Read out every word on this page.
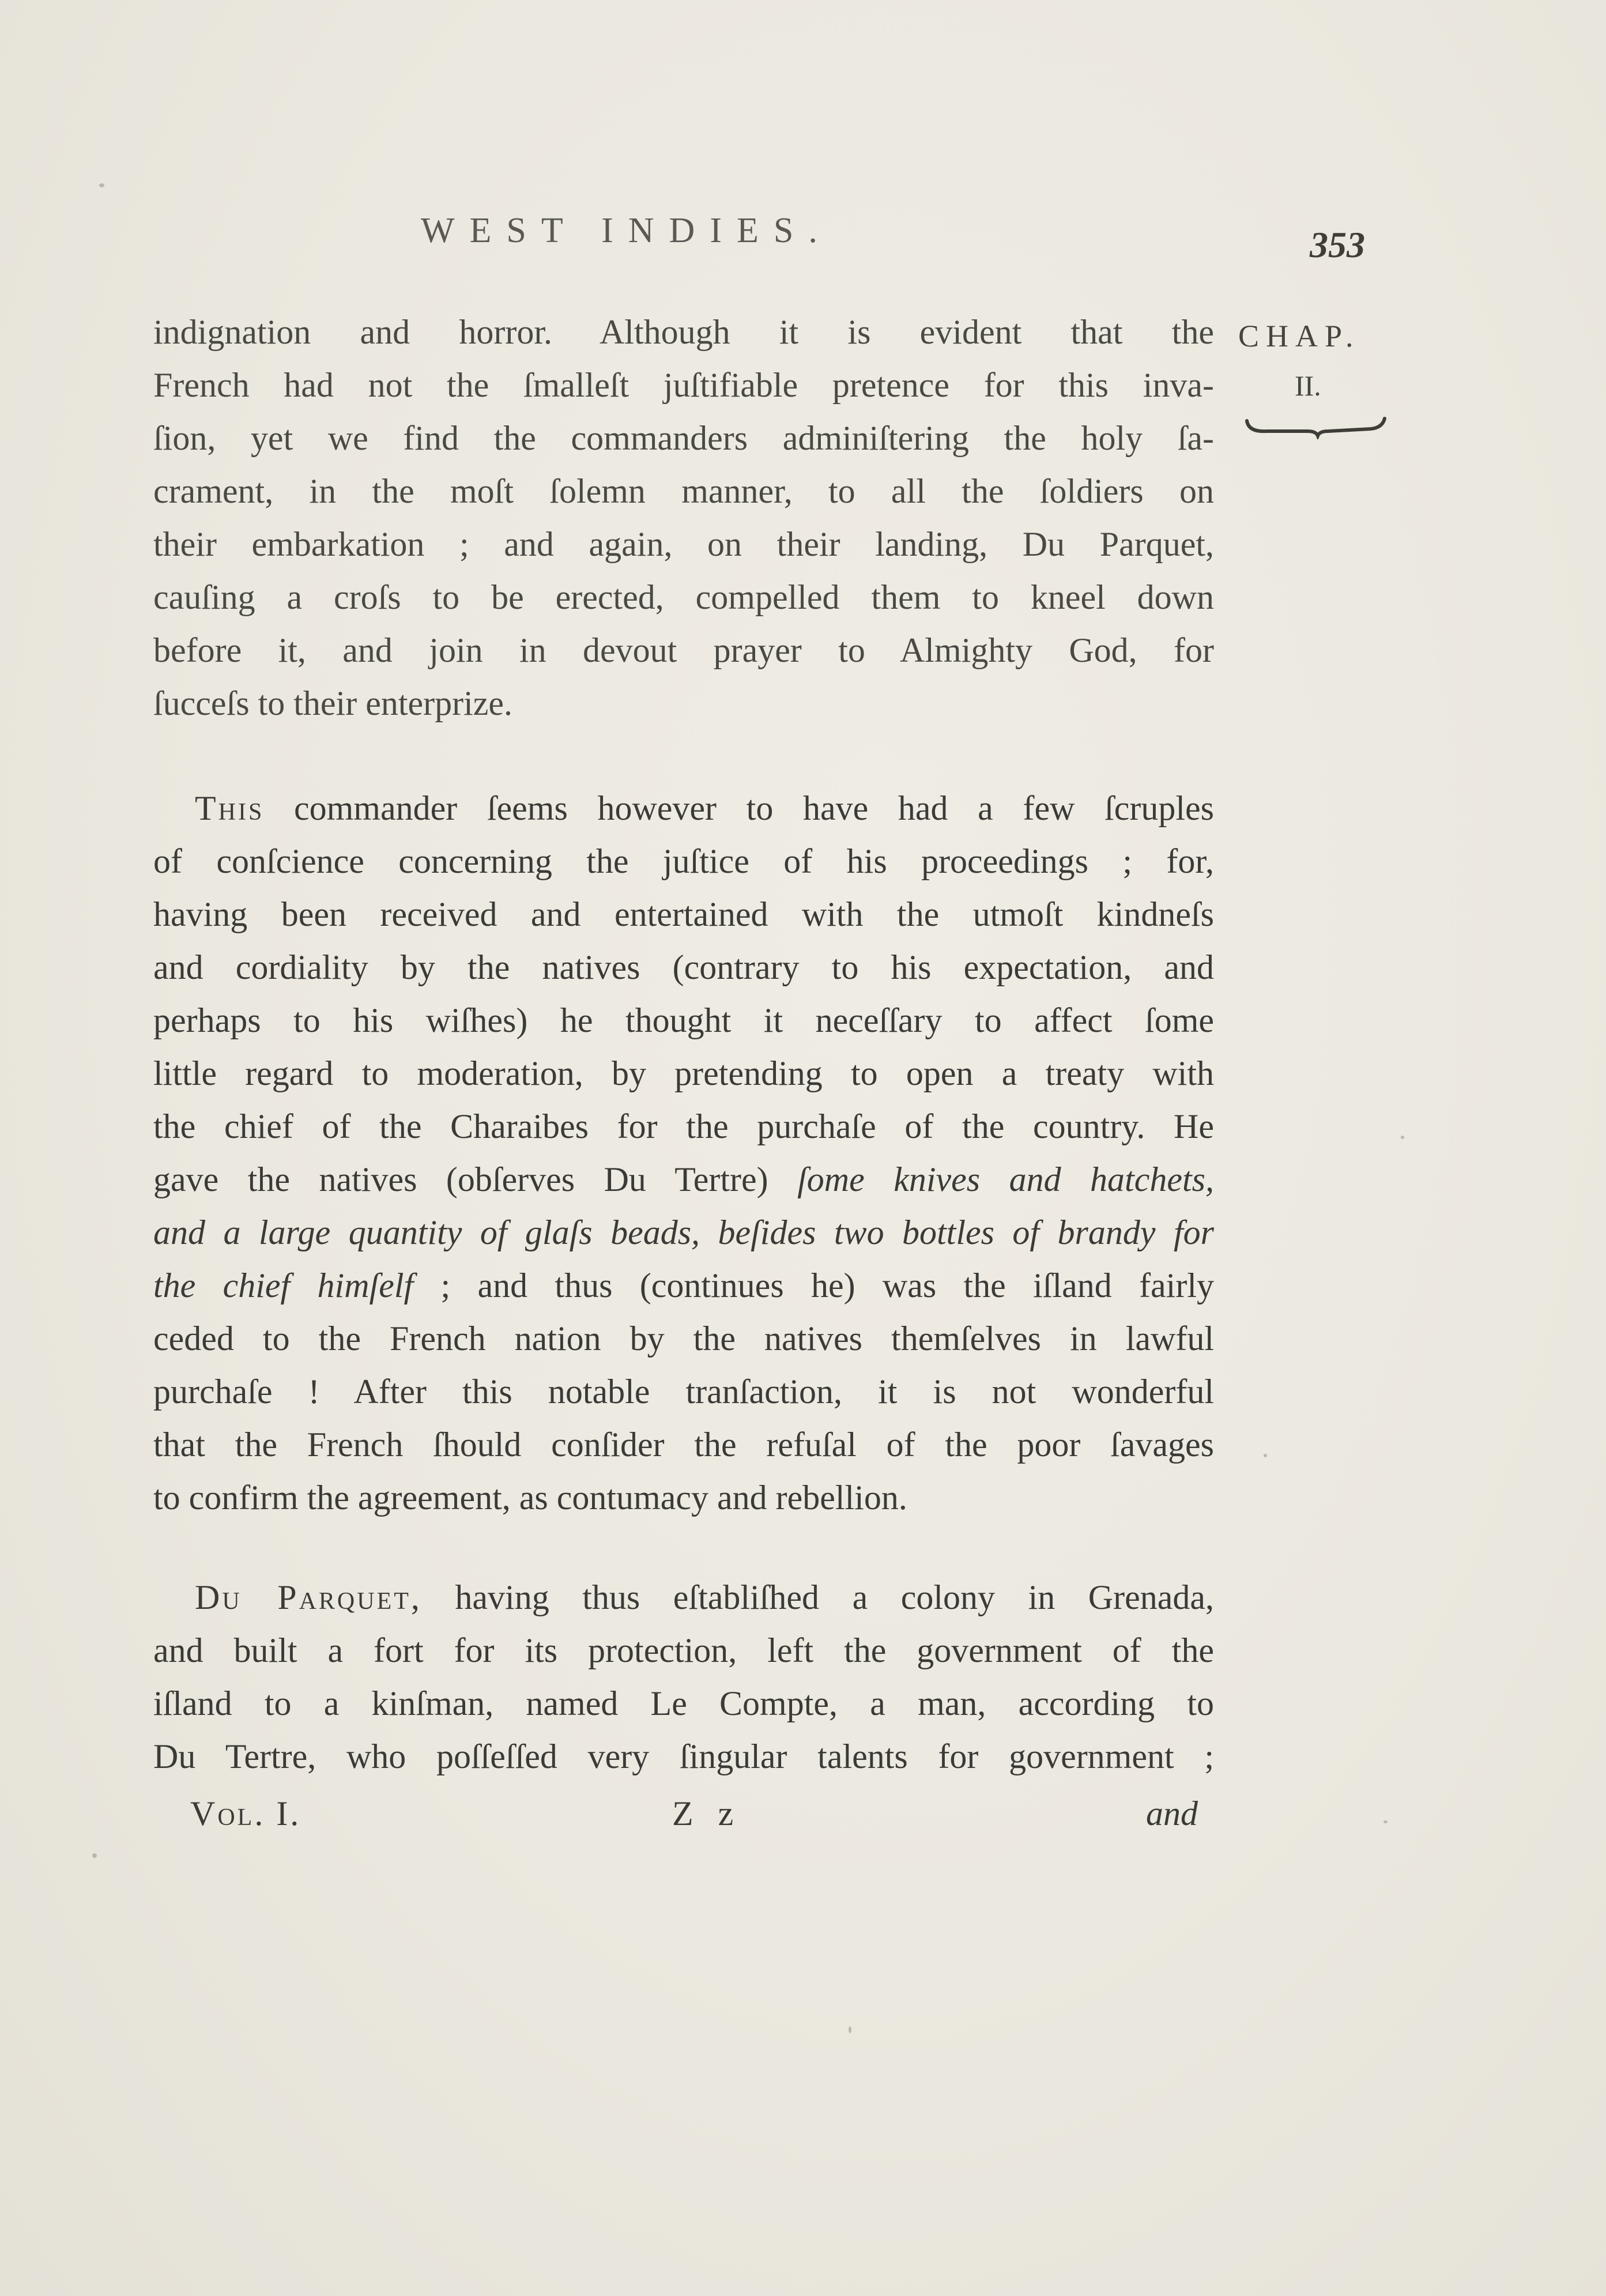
WEST INDIES.	353
CHAP.
II.
indignation and horror. Although it is evident that the
French had not the ſmalleſt juſtifiable pretence for this inva-
ſion, yet we find the commanders adminiſtering the holy ſa-
crament, in the moſt ſolemn manner, to all the ſoldiers on
their embarkation ; and again, on their landing, Du Parquet,
cauſing a croſs to be erected, compelled them to kneel down
before it, and join in devout prayer to Almighty God, for
ſucceſs to their enterprize.
This commander ſeems however to have had a few ſcruples
of conſcience concerning the juſtice of his proceedings ; for,
having been received and entertained with the utmoſt kindneſs
and cordiality by the natives (contrary to his expectation, and
perhaps to his wiſhes) he thought it neceſſary to affect ſome
little regard to moderation, by pretending to open a treaty with
the chief of the Charaibes for the purchaſe of the country. He
gave the natives (obſerves Du Tertre) ſome knives and hatchets,
and a large quantity of glaſs beads, beſides two bottles of brandy for
the chief himſelf ; and thus (continues he) was the iſland fairly
ceded to the French nation by the natives themſelves in lawful
purchaſe ! After this notable tranſaction, it is not wonderful
that the French ſhould conſider the refuſal of the poor ſavages
to confirm the agreement, as contumacy and rebellion.
Du Parquet, having thus eſtabliſhed a colony in Grenada,
and built a fort for its protection, left the government of the
iſland to a kinſman, named Le Compte, a man, according to
Du Tertre, who poſſeſſed very ſingular talents for government ;
Vol. I.	Z z	and
